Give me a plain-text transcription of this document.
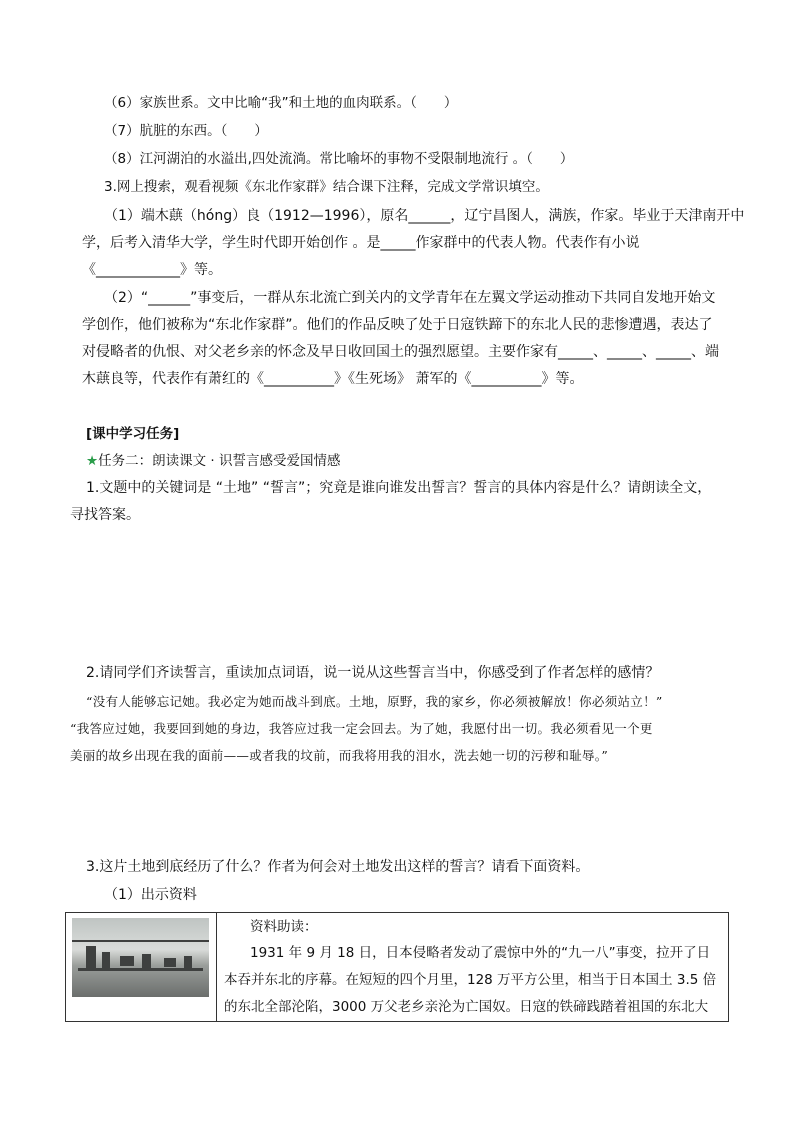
（6）家族世系。文中比喻“我”和土地的血肉联系。（　　）
（7）肮脏的东西。（　　）
（8）江河湖泊的水溢出,四处流淌。常比喻坏的事物不受限制地流行 。（　　）
3.网上搜索，观看视频《东北作家群》结合课下注释，完成文学常识填空。
（1）端木蕻（hóng）良（1912—1996），原名______，辽宁昌图人，满族，作家。毕业于天津南开中
学，后考入清华大学，学生时代即开始创作 。是_____作家群中的代表人物。代表作有小说
《____________》等。
（2）“______”事变后，一群从东北流亡到关内的文学青年在左翼文学运动推动下共同自发地开始文
学创作，他们被称为“东北作家群”。他们的作品反映了处于日寇铁蹄下的东北人民的悲惨遭遇，表达了
对侵略者的仇恨、对父老乡亲的怀念及早日收回国土的强烈愿望。主要作家有_____、_____、_____、端
木蕻良等，代表作有萧红的《__________》《生死场》 萧军的《__________》等。
[课中学习任务]
★任务二：朗读课文 · 识誓言感受爱国情感
1.文题中的关键词是 “土地” “誓言”；究竟是谁向谁发出誓言？誓言的具体内容是什么？请朗读全文，
寻找答案。
2.请同学们齐读誓言，重读加点词语，说一说从这些誓言当中，你感受到了作者怎样的感情？
“没有人能够忘记她。我必定为她而战斗到底。土地，原野，我的家乡，你必须被解放！你必须站立！”
“我答应过她，我要回到她的身边，我答应过我一定会回去。为了她，我愿付出一切。我必须看见一个更
美丽的故乡出现在我的面前——或者我的坟前，而我将用我的泪水，洗去她一切的污秽和耻辱。”
3.这片土地到底经历了什么？作者为何会对土地发出这样的誓言？请看下面资料。
（1）出示资料
资料助读：
1931 年 9 月 18 日，日本侵略者发动了震惊中外的“九一八”事变，拉开了日
本吞并东北的序幕。在短短的四个月里，128 万平方公里，相当于日本国土 3.5 倍
的东北全部沦陷，3000 万父老乡亲沦为亡国奴。日寇的铁碲践踏着祖国的东北大
